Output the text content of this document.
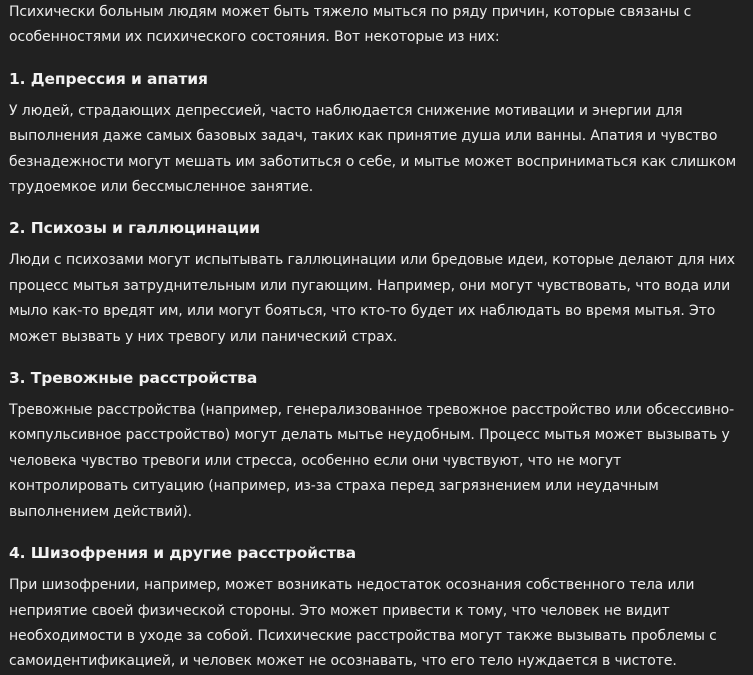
Психически больным людям может быть тяжело мыться по ряду причин, которые связаны с особенностями их психического состояния. Вот некоторые из них:

1. Депрессия и апатия

У людей, страдающих депрессией, часто наблюдается снижение мотивации и энергии для выполнения даже самых базовых задач, таких как принятие душа или ванны. Апатия и чувство безнадежности могут мешать им заботиться о себе, и мытье может восприниматься как слишком трудоемкое или бессмысленное занятие.

2. Психозы и галлюцинации

Люди с психозами могут испытывать галлюцинации или бредовые идеи, которые делают для них процесс мытья затруднительным или пугающим. Например, они могут чувствовать, что вода или мыло как-то вредят им, или могут бояться, что кто-то будет их наблюдать во время мытья. Это может вызвать у них тревогу или панический страх.

3. Тревожные расстройства

Тревожные расстройства (например, генерализованное тревожное расстройство или обсессивно-компульсивное расстройство) могут делать мытье неудобным. Процесс мытья может вызывать у человека чувство тревоги или стресса, особенно если они чувствуют, что не могут контролировать ситуацию (например, из-за страха перед загрязнением или неудачным выполнением действий).

4. Шизофрения и другие расстройства

При шизофрении, например, может возникать недостаток осознания собственного тела или неприятие своей физической стороны. Это может привести к тому, что человек не видит необходимости в уходе за собой. Психические расстройства могут также вызывать проблемы с самоидентификацией, и человек может не осознавать, что его тело нуждается в чистоте.
